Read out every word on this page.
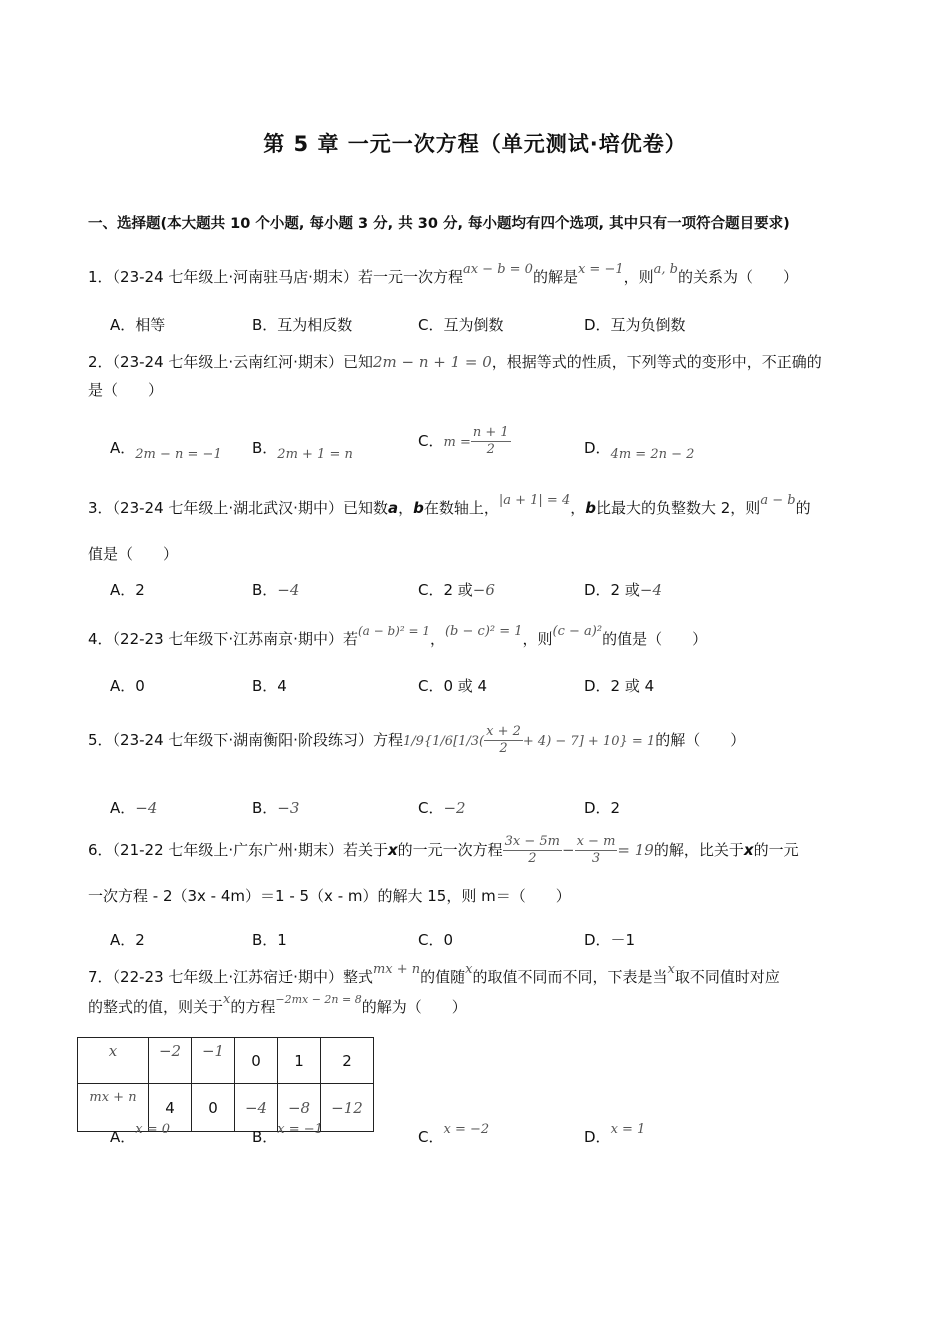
第 5 章 一元一次方程（单元测试·培优卷）
一、选择题(本大题共 10 个小题, 每小题 3 分, 共 30 分, 每小题均有四个选项, 其中只有一项符合题目要求)
1．（23-24 七年级上·河南驻马店·期末）若一元一次方程ax − b = 0的解是x = −1，则a, b的关系为（　　）
A．相等	B．互为相反数	C．互为倒数	D．互为负倒数
2．（23-24 七年级上·云南红河·期末）已知2m − n + 1 = 0，根据等式的性质，下列等式的变形中，不正确的
是（　　）
A．2m − n = −1 B．2m + 1 = n
C．$m = \frac{n + 1}{2}$	D．4m = 2n − 2
3．（23-24 七年级上·湖北武汉·期中）已知数a，b在数轴上，|a + 1| = 4，b比最大的负整数大 2，则a − b的
值是（　　）
A．2	B．−4	C．2 或−6	D．2 或−4
4．（22-23 七年级下·江苏南京·期中）若$^{(a - b)^2 = 1}$，(b − c)² = 1，则(c − a)²的值是（　　）
A．0	B．4	C．0 或 4	D．2 或 4
5．（23-24 七年级下·湖南衡阳·阶段练习）方程$1/9\{1/6[1/3( \frac{x + 2}{2} + 4) - 7] + 10\} = 1$的解（　　）
A．−4	B．−3	C．−2	D．2
6．（21-22 七年级上·广东广州·期末）若关于x的一元一次方程 $\frac{3x - 5m}{2} - \frac{x - m}{3} = 19$的解，比关于x的一元
一次方程 - 2（3x - 4m）＝1 - 5（x - m）的解大 15，则 m＝（　　）
A．2	B．1	C．0	D．－1
7．（22-23 七年级上·江苏宿迁·期中）整式mx + n的值随x的取值不同而不同，下表是当x取不同值时对应
的整式的值，则关于x的方程$^{-2mx - 2n = 8}$的解为（　　）
x	−2	−1	0	1	2
mx + n	4	0	−4	−8	−12
A．x = 0	B．x = −1	C．x = −2	D．x = 1
